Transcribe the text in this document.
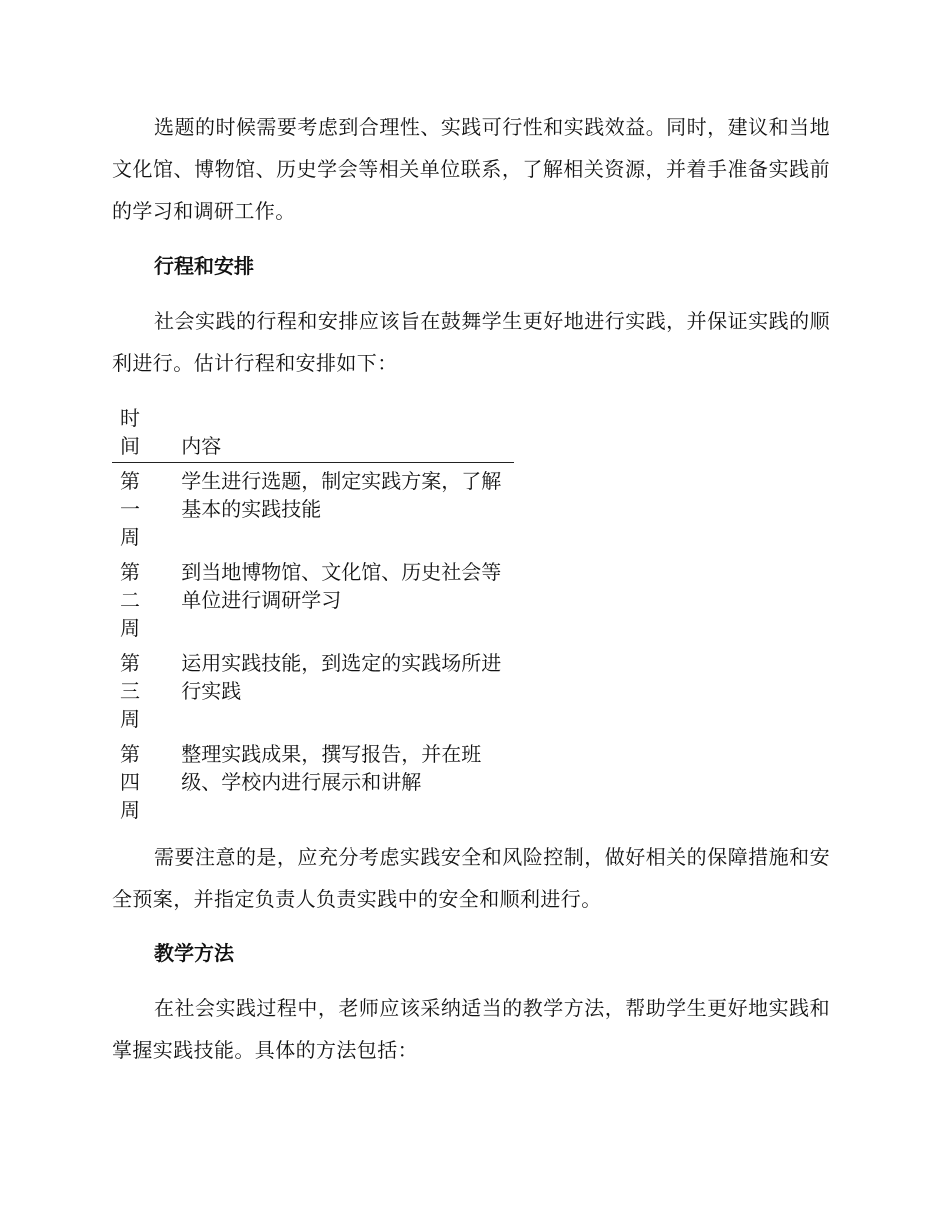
选题的时候需要考虑到合理性、实践可行性和实践效益。同时，建议和当地文化馆、博物馆、历史学会等相关单位联系，了解相关资源，并着手准备实践前的学习和调研工作。

行程和安排

社会实践的行程和安排应该旨在鼓舞学生更好地进行实践，并保证实践的顺利进行。估计行程和安排如下：

时间	内容

第一周	学生进行选题，制定实践方案，了解基本的实践技能

第二周	到当地博物馆、文化馆、历史社会等单位进行调研学习

第三周	运用实践技能，到选定的实践场所进行实践

第四周	整理实践成果，撰写报告，并在班级、学校内进行展示和讲解

需要注意的是，应充分考虑实践安全和风险控制，做好相关的保障措施和安全预案，并指定负责人负责实践中的安全和顺利进行。

教学方法

在社会实践过程中，老师应该采纳适当的教学方法，帮助学生更好地实践和掌握实践技能。具体的方法包括：
